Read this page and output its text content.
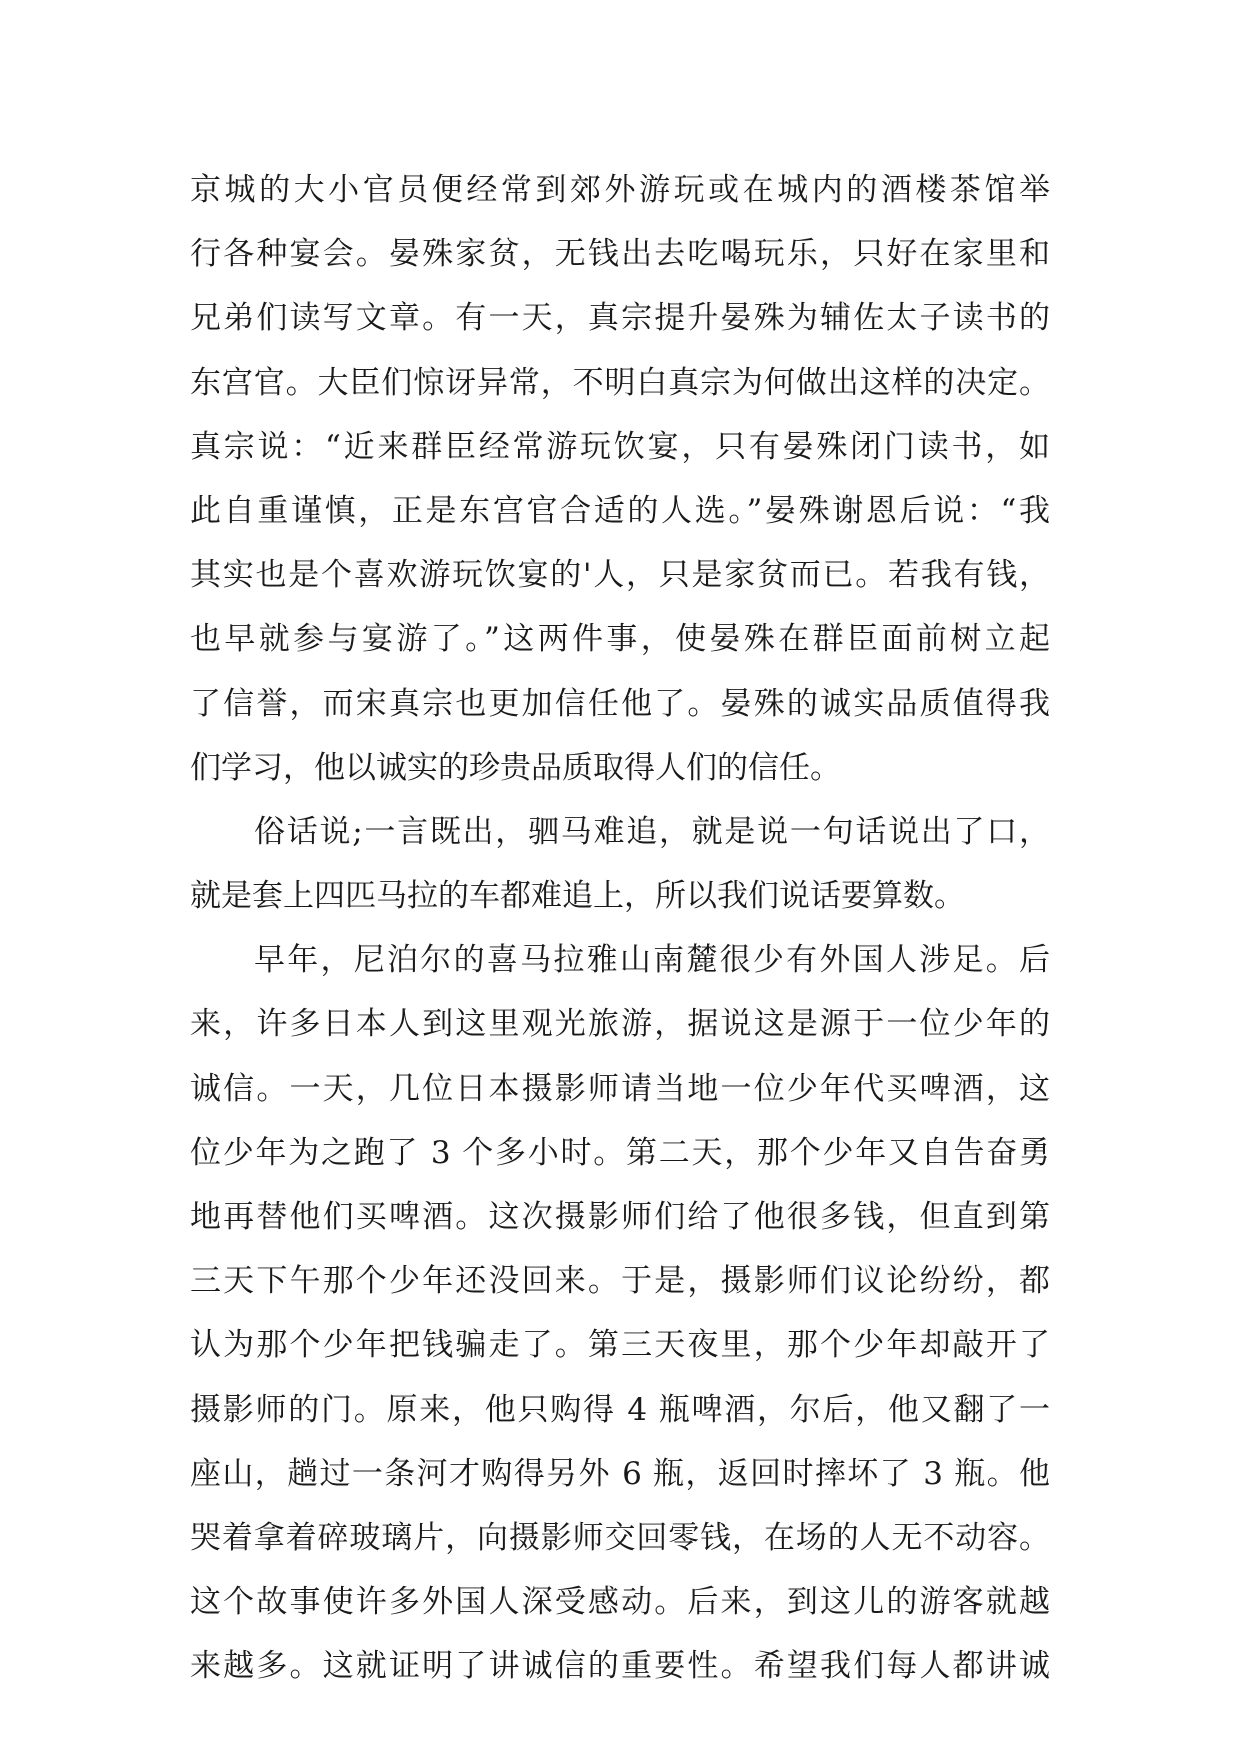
京城的大小官员便经常到郊外游玩或在城内的酒楼茶馆举
行各种宴会。晏殊家贫，无钱出去吃喝玩乐，只好在家里和
兄弟们读写文章。有一天，真宗提升晏殊为辅佐太子读书的
东宫官。大臣们惊讶异常，不明白真宗为何做出这样的决定。
真宗说：“近来群臣经常游玩饮宴，只有晏殊闭门读书，如
此自重谨慎，正是东宫官合适的人选。”晏殊谢恩后说：“我
其实也是个喜欢游玩饮宴的'人，只是家贫而已。若我有钱，
也早就参与宴游了。”这两件事，使晏殊在群臣面前树立起
了信誉，而宋真宗也更加信任他了。晏殊的诚实品质值得我
们学习，他以诚实的珍贵品质取得人们的信任。
俗话说;一言既出，驷马难追，就是说一句话说出了口，
就是套上四匹马拉的车都难追上，所以我们说话要算数。
早年，尼泊尔的喜马拉雅山南麓很少有外国人涉足。后
来，许多日本人到这里观光旅游，据说这是源于一位少年的
诚信。一天，几位日本摄影师请当地一位少年代买啤酒，这
位少年为之跑了 3 个多小时。第二天，那个少年又自告奋勇
地再替他们买啤酒。这次摄影师们给了他很多钱，但直到第
三天下午那个少年还没回来。于是，摄影师们议论纷纷，都
认为那个少年把钱骗走了。第三天夜里，那个少年却敲开了
摄影师的门。原来，他只购得 4 瓶啤酒，尔后，他又翻了一
座山，趟过一条河才购得另外 6 瓶，返回时摔坏了 3 瓶。他
哭着拿着碎玻璃片，向摄影师交回零钱，在场的人无不动容。
这个故事使许多外国人深受感动。后来，到这儿的游客就越
来越多。这就证明了讲诚信的重要性。希望我们每人都讲诚
